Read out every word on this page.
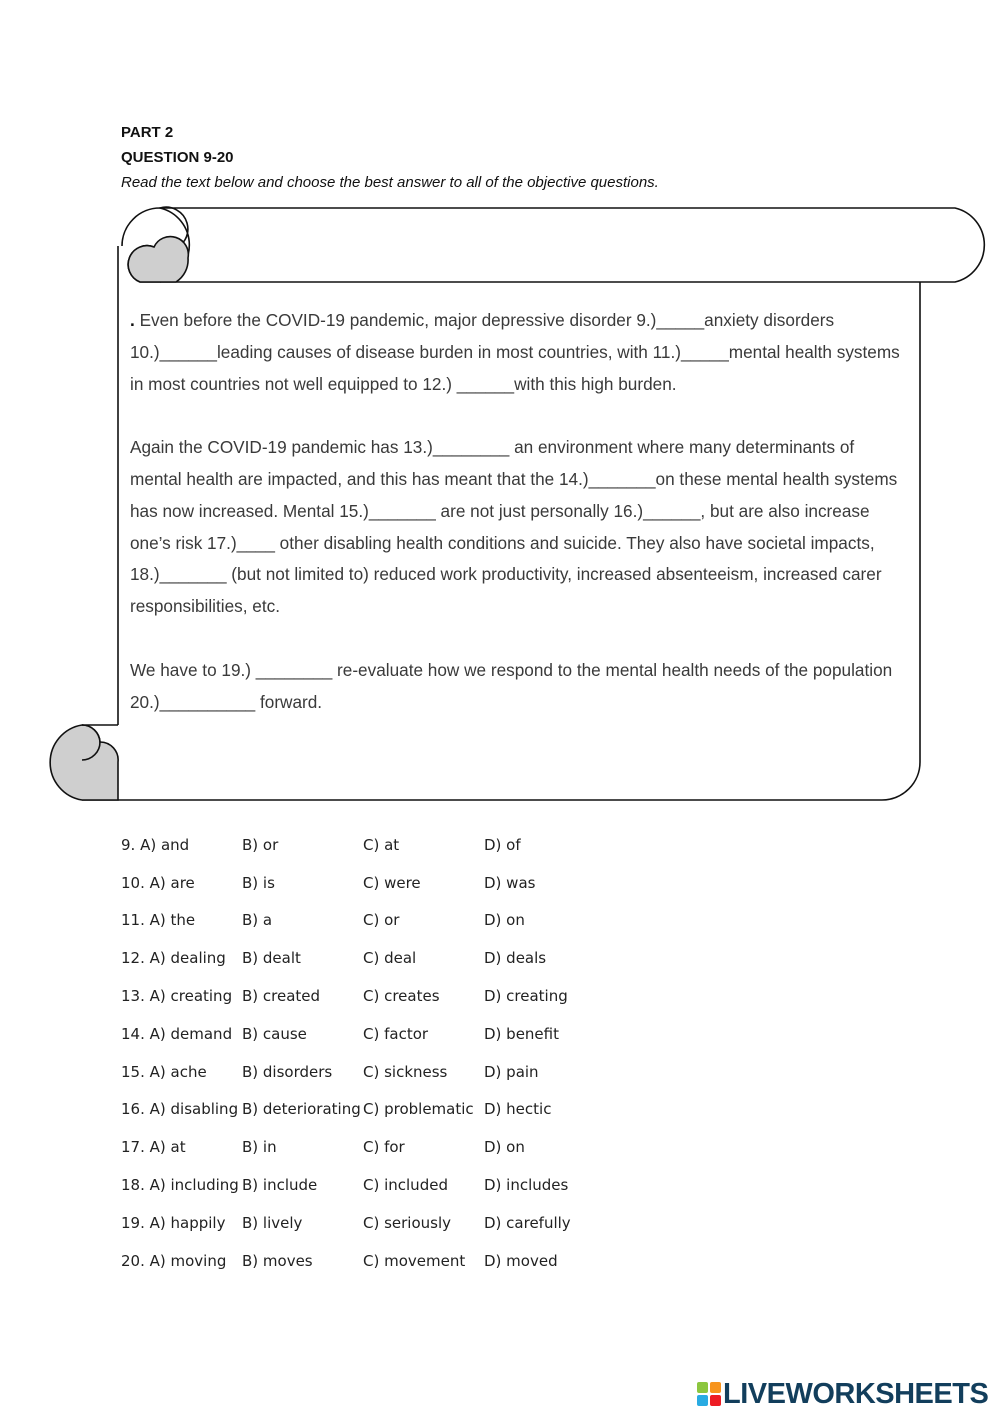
PART 2
QUESTION 9-20
Read the text below and choose the best answer to all of the objective questions.

. Even before the COVID-19 pandemic, major depressive disorder 9.)_____anxiety disorders 10.)______leading causes of disease burden in most countries, with 11.)_____mental health systems in most countries not well equipped to 12.) ______with this high burden.

Again the COVID-19 pandemic has 13.)________ an environment where many determinants of mental health are impacted, and this has meant that the 14.)_______on these mental health systems has now increased. Mental 15.)_______ are not just personally 16.)______, but are also increase one’s risk 17.)____ other disabling health conditions and suicide. They also have societal impacts, 18.)_______ (but not limited to) reduced work productivity, increased absenteeism, increased carer responsibilities, etc.

We have to 19.) ________ re-evaluate how we respond to the mental health needs of the population 20.)__________ forward.

9. A) and	B) or	C) at	D) of
10. A) are	B) is	C) were	D) was
11. A) the	B) a	C) or	D) on
12. A) dealing	B) dealt	C) deal	D) deals
13. A) creating B) created	C) creates	D) creating
14. A) demand B) cause	C) factor	D) benefit
15. A) ache	B) disorders	C) sickness	D) pain
16. A) disabling B) deteriorating C) problematic D) hectic
17. A) at	B) in	C) for	D) on
18. A) including B) include	C) included	D) includes
19. A) happily	B) lively	C) seriously	D) carefully
20. A) moving	B) moves	C) movement	D) moved
LIVEWORKSHEETS
